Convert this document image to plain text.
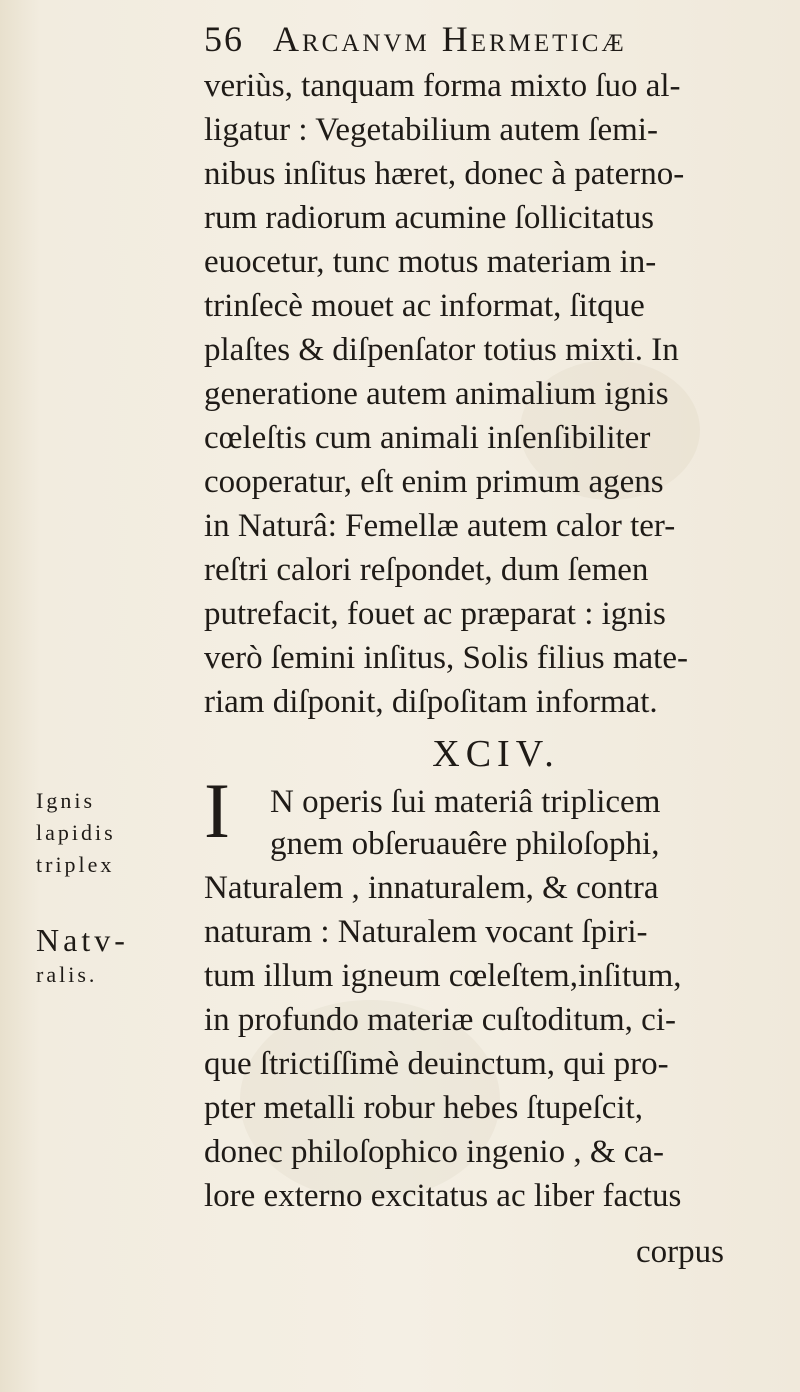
56 Arcanvm Hermeticæ
veriùs, tanquam forma mixto ſuo al-
ligatur : Vegetabilium autem ſemi-
nibus inſitus hæret, donec à paterno-
rum radiorum acumine ſollicitatus
euocetur, tunc motus materiam in-
trinſecè mouet ac informat, ſitque
plaſtes & diſpenſator totius mixti. In
generatione autem animalium ignis
cœleſtis cum animali inſenſibiliter
cooperatur, eſt enim primum agens
in Naturâ: Femellæ autem calor ter-
reſtri calori reſpondet, dum ſemen
putrefacit, fouet ac præparat : ignis
verò ſemini inſitus, Solis filius mate-
riam diſponit, diſpoſitam informat.
XCIV.
Ignis
lapidis
triplex
Natv-
ralis.
I	N operis ſui materiâ triplicem
gnem obſeruauêre philoſophi,
Naturalem , innaturalem, & contra
naturam : Naturalem vocant ſpiri-
tum illum igneum cœleſtem,inſitum,
in profundo materiæ cuſtoditum, ci-
que ſtrictiſſimè deuinctum, qui pro-
pter metalli robur hebes ſtupeſcit,
donec philoſophico ingenio , & ca-
lore externo excitatus ac liber factus
corpus
